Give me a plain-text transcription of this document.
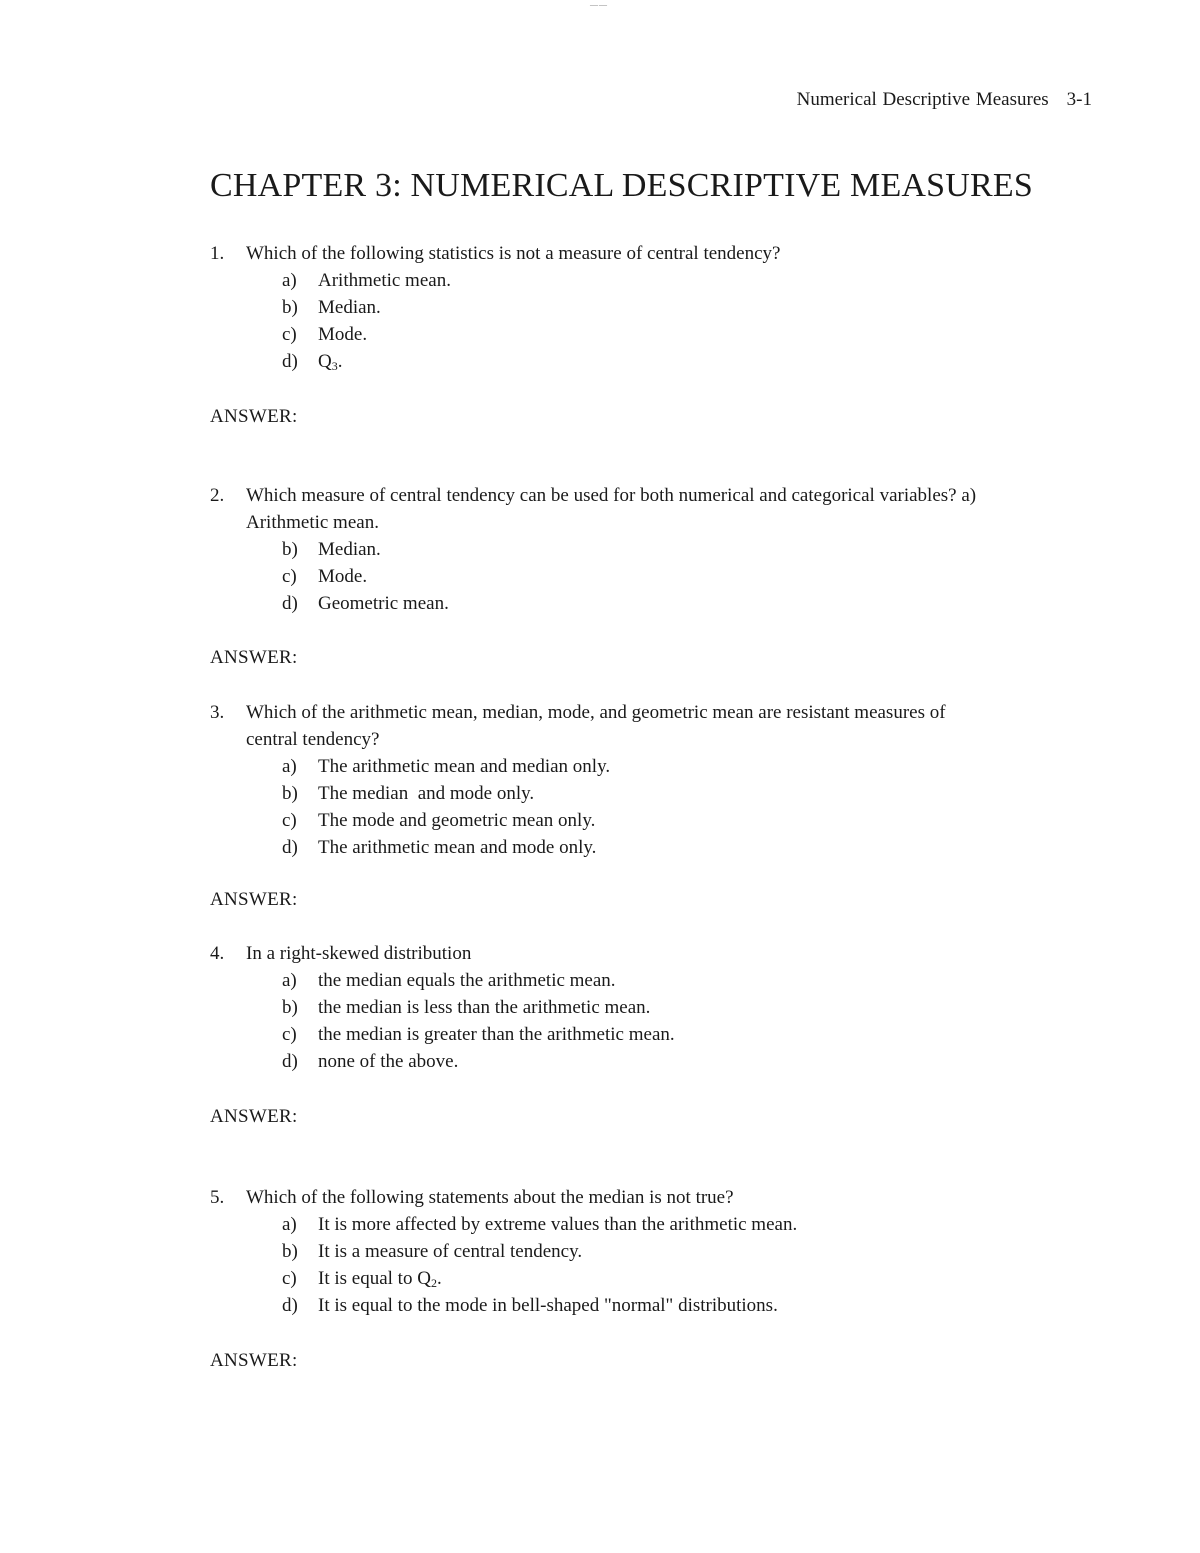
——
Numerical Descriptive Measures 3-1
CHAPTER 3: NUMERICAL DESCRIPTIVE MEASURES
1. Which of the following statistics is not a measure of central tendency?
a) Arithmetic mean.
b) Median.
c) Mode.
d) $Q_3$.
ANSWER:
2. Which measure of central tendency can be used for both numerical and categorical variables? a)
Arithmetic mean.
b) Median.
c) Mode.
d) Geometric mean.
ANSWER:
3. Which of the arithmetic mean, median, mode, and geometric mean are resistant measures of
central tendency?
a) The arithmetic mean and median only.
b) The median  and mode only.
c) The mode and geometric mean only.
d) The arithmetic mean and mode only.
ANSWER:
4. In a right-skewed distribution
a) the median equals the arithmetic mean.
b) the median is less than the arithmetic mean.
c) the median is greater than the arithmetic mean.
d) none of the above.
ANSWER:
5. Which of the following statements about the median is not true?
a) It is more affected by extreme values than the arithmetic mean.
b) It is a measure of central tendency.
c) It is equal to $Q_2$.
d) It is equal to the mode in bell-shaped "normal" distributions.
ANSWER:
